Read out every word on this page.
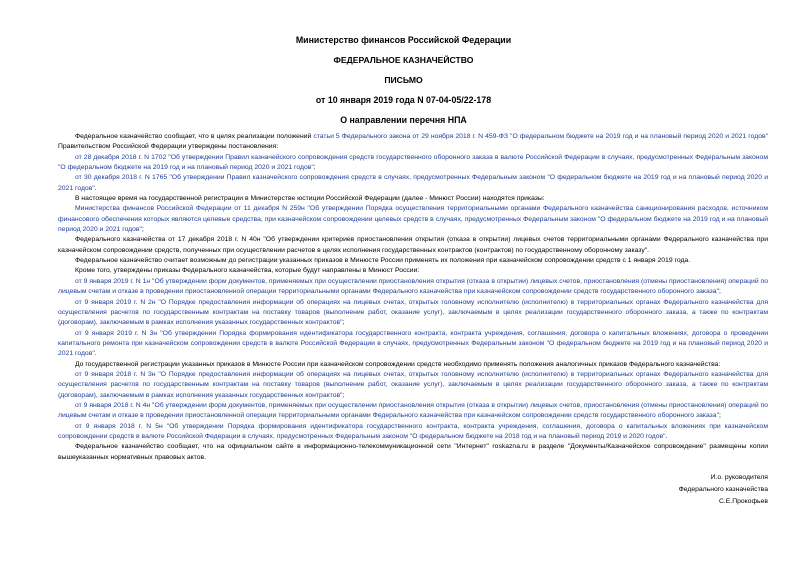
Министерство финансов Российской Федерации
ФЕДЕРАЛЬНОЕ КАЗНАЧЕЙСТВО
ПИСЬМО
от 10 января 2019 года N 07-04-05/22-178
О направлении перечня НПА

Федеральное казначейство сообщает, что в целях реализации положений статьи 5 Федерального закона от 29 ноября 2018 г. N 459-ФЗ "О федеральном бюджете на 2019 год и на плановый период 2020 и 2021 годов" Правительством Российской Федерации утверждены постановления:

от 28 декабря 2018 г. N 1702 "Об утверждении Правил казначейского сопровождения средств государственного оборонного заказа в валюте Российской Федерации в случаях, предусмотренных Федеральным законом "О федеральном бюджете на 2019 год и на плановый период 2020 и 2021 годов";

от 30 декабря 2018 г. N 1765 "Об утверждении Правил казначейского сопровождения средств в случаях, предусмотренных Федеральным законом "О федеральном бюджете на 2019 год и на плановый период 2020 и 2021 годов".

В настоящее время на государственной регистрации в Министерстве юстиции Российской Федерации (далее - Минюст России) находятся приказы:

Министерства финансов Российской Федерации от 11 декабря N 259н "Об утверждении Порядка осуществления территориальными органами Федерального казначейства санкционирования расходов, источником финансового обеспечения которых являются целевые средства, при казначейском сопровождении целевых средств в случаях, предусмотренных Федеральным законом "О федеральном бюджете на 2019 год и на плановый период 2020 и 2021 годов";

Федерального казначейства от 17 декабря 2018 г. N 40н "Об утверждении критериев приостановления открытия (отказа в открытии) лицевых счетов территориальными органами Федерального казначейства при казначейском сопровождении средств, полученных при осуществлении расчетов в целях исполнения государственных контрактов (контрактов) по государственному оборонному заказу".

Федеральное казначейство считает возможным до регистрации указанных приказов в Минюсте России применять их положения при казначейском сопровождении средств с 1 января 2019 года.

Кроме того, утверждены приказы Федерального казначейства, которые будут направлены в Минюст России:

от 9 января 2019 г. N 1н "Об утверждении форм документов, применяемых при осуществлении приостановления открытия (отказа в открытии) лицевых счетов, приостановления (отмены приостановления) операций по лицевым счетам и отказе в проведении приостановленной операции территориальными органами Федерального казначейства при казначейском сопровождении средств государственного оборонного заказа";

от 9 января 2019 г. N 2н "О Порядке предоставления информации об операциях на лицевых счетах, открытых головному исполнителю (исполнителю) в территориальных органах Федерального казначейства для осуществления расчетов по государственным контрактам на поставку товаров (выполнение работ, оказание услуг), заключаемым в целях реализации государственного оборонного заказа, а также по контрактам (договорам), заключаемым в рамках исполнения указанных государственных контрактов";

от 9 января 2019 г. N 3н "Об утверждении Порядка формирования идентификатора государственного контракта, контракта учреждения, соглашения, договора о капитальных вложениях, договора о проведении капитального ремонта при казначейском сопровождении средств в валюте Российской Федерации в случаях, предусмотренных Федеральным законом "О федеральном бюджете на 2019 год и на плановый период 2020 и 2021 годов".

До государственной регистрации указанных приказов в Минюсте России при казначейском сопровождении средств необходимо применять положения аналогичных приказов Федерального казначейства:

от 9 января 2018 г. N 3н "О Порядке предоставления информации об операциях на лицевых счетах, открытых головному исполнителю (исполнителю) в территориальных органах Федерального казначейства для осуществления расчетов по государственным контрактам на поставку товаров (выполнение работ, оказание услуг), заключаемым в целях реализации государственного оборонного заказа, а также по контрактам (договорам), заключаемым в рамках исполнения указанных государственных контрактов";

от 9 января 2018 г. N 4н "Об утверждении форм документов, применяемых при осуществлении приостановления открытия (отказа в открытии) лицевых счетов, приостановления (отмены приостановления) операций по лицевым счетам и отказе в проведении приостановленной операции территориальными органами Федерального казначейства при казначейском сопровождении средств государственного оборонного заказа";

от 9 января 2018 г. N 5н "Об утверждении Порядка формирования идентификатора государственного контракта, контракта учреждения, соглашения, договора о капитальных вложениях при казначейском сопровождении средств в валюте Российской Федерации в случаях, предусмотренных Федеральным законом "О федеральном бюджете на 2018 год и на плановый период 2019 и 2020 годов".

Федеральное казначейство сообщает, что на официальном сайте в информационно-телекоммуникационной сети "Интернет" roskazna.ru в разделе "Документы/Казначейское сопровождение" размещены копии вышеуказанных нормативных правовых актов.

И.о. руководителя
Федерального казначейства
С.Е.Прокофьев
